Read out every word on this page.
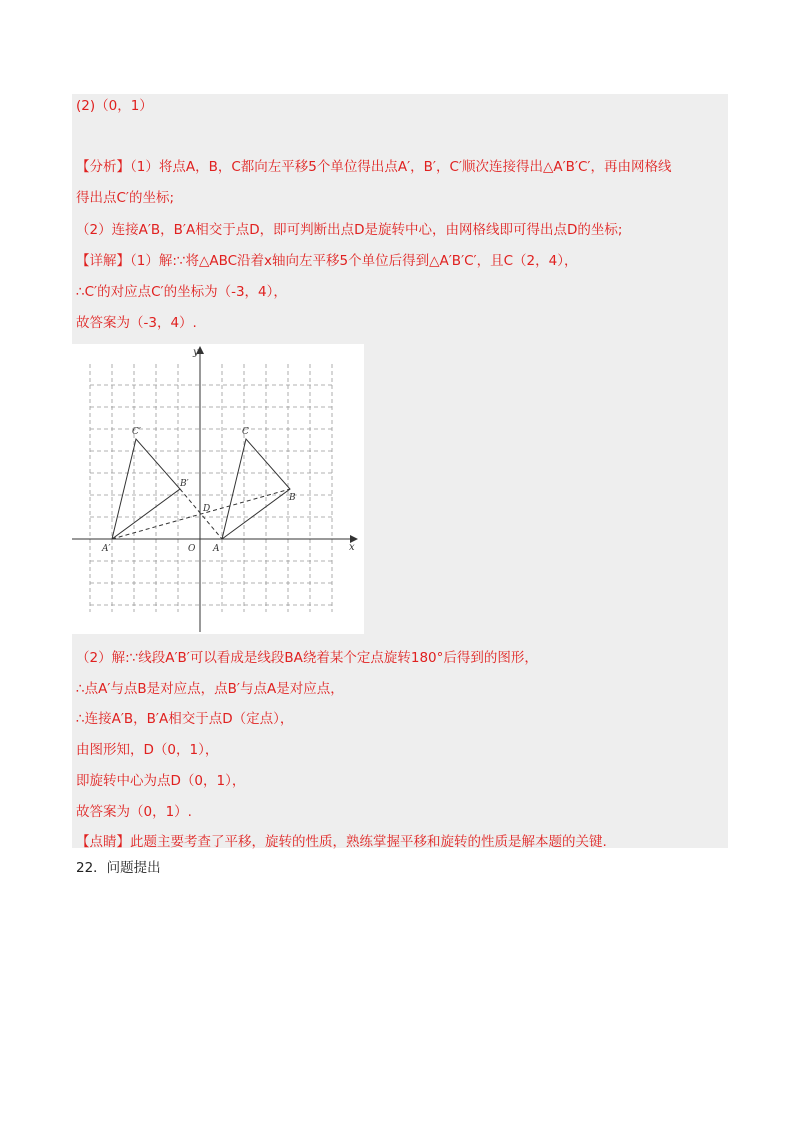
(2)（0，1）
【分析】（1）将点A，B，C都向左平移5个单位得出点A′，B′，C′顺次连接得出△A′B′C′，再由网格线
得出点C′的坐标;
（2）连接A′B，B′A相交于点D，即可判断出点D是旋转中心，由网格线即可得出点D的坐标;
【详解】（1）解:∵将△ABC沿着x轴向左平移5个单位后得到△A′B′C′，且C（2，4），
∴C′的对应点C′的坐标为（-3，4），
故答案为（-3，4）.
y
x
O A
A′
B
B′
C
C′
D
（2）解:∵线段A′B′可以看成是线段BA绕着某个定点旋转180°后得到的图形，
∴点A′与点B是对应点，点B′与点A是对应点，
∴连接A′B，B′A相交于点D（定点），
由图形知，D（0，1），
即旋转中心为点D（0，1），
故答案为（0，1）.
【点睛】此题主要考查了平移，旋转的性质，熟练掌握平移和旋转的性质是解本题的关键.
22．问题提出
